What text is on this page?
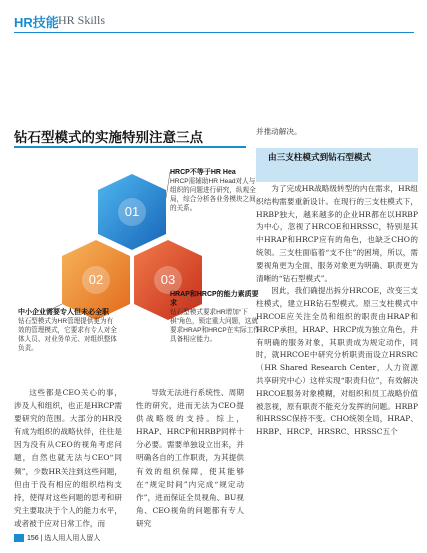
HR技能 HR Skills
钻石型模式的实施特别注意三点
01
02	03
HRCP不等于HR Hea
HRCP需辅助HR Head对人与组织的问题进行研究，纵观全局，综合分析各业务模块之间的关系。
中小企业需要专人但未必全职
钻石型模式为HR管理提供更为有效的管理模式，它要求有专人对全体人员、对业务单元、对组织整体负责。
HRAP和HRCP的能力素质要求
钻石型模式要求HR增加“下棋”角色，锁定重大问题，这就要求HRAP和HRCP在实际工作具备相应能力。
并推动解决。
由三支柱模式到钻石型模式

为了完成HR战略级转型的内在需求，HR组织结构需要重新设计。在现行的三支柱模式下，HRBP独大，越来越多的企业HR都在以HRBP为中心，忽视了HRCOE和HRSSC，特别是其中HRAP和HRCP应有的角色，也缺乏CHO的统领。三支柱面临着“支不住”的困境，所以，需要视角更为全面、服务对象更为明确、职责更为清晰的“钻石型模式”。

因此，我们确提出拆分HRCOE，改变三支柱模式，建立HR钻石型模式。原三支柱模式中HRCOE应关注全员和组织的职责由HRAP和HRCP承担，HRAP、HRCP成为独立角色，并有明确的服务对象，其职责成为规定动作，同时，就HRCOE中研究分析职责而设立HRSRC（HR Shared Research Center，人力资源共享研究中心）这样实现“职责归位”，有效解决HRCOE服务对象模糊，对组织和员工战略价值被忽视，原有职责不能充分发挥的问题。HRBP和HRSSC保持不变。CHO统领全局，HRAP、HRBP、HRCP、HRSRC、HRSSC五个

这些都是CEO关心的事，涉及人和组织，也正是HRCP需要研究的范围。大部分的HR没有成为组织的战略伙伴，往往是因为没有从CEO的视角考虑问题，自然也就无法与CEO“同频”，少数HR关注到这些问题，但由于没有相应的组织结构支持，使得对这些问题的思考和研究主要取决于个人的能力水平，或者被于应对日常工作，而

导致无法进行系统性、周期性的研究，进而无法为CEO提供战略级的支持。综上，HRAP、HRCP和HRBP同样十分必要。需要单独设立出来，并明确各自的工作职责，为其提供有效的组织保障，使其能够在“规定时间”内完成“规定动作”，进而保证全员视角、BU视角、CEO视角的问题都有专人研究

156 | 选人用人用人留人
